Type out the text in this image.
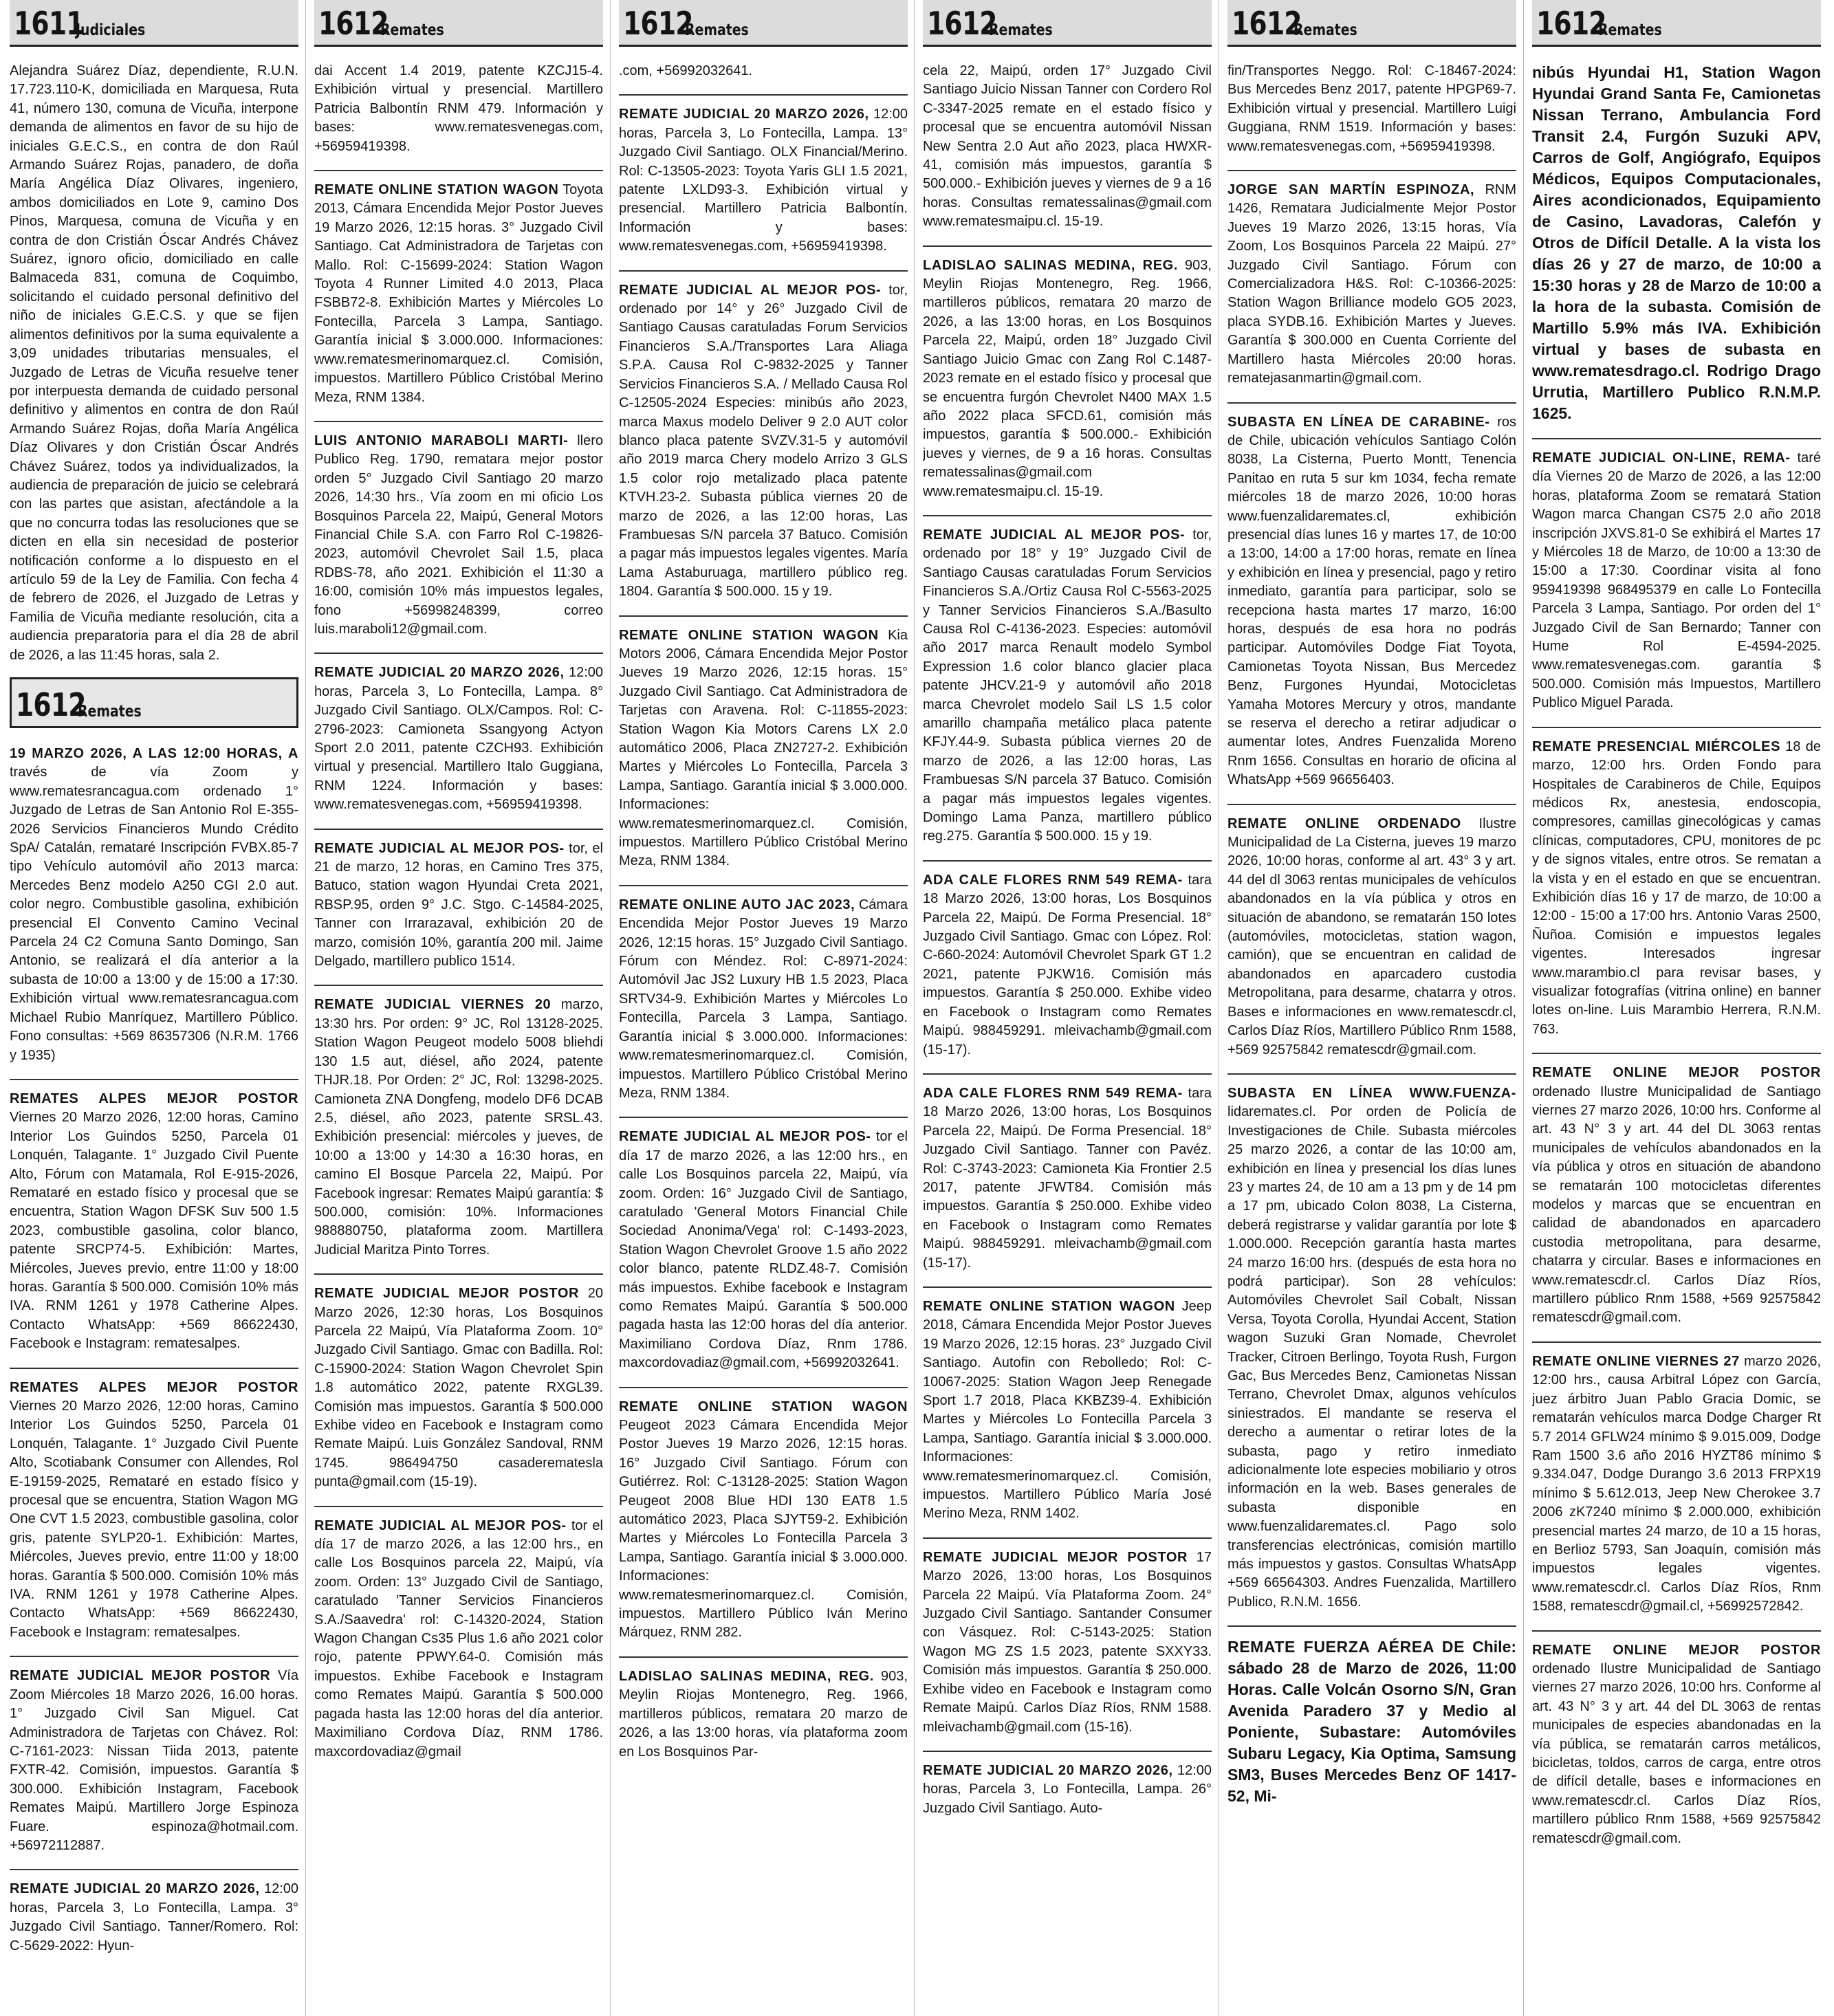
1611
Judiciales
Alejandra Suárez Díaz, dependiente, R.U.N. 17.723.110-K, domiciliada en Marquesa, Ruta 41, número 130, comuna de Vicuña, interpone demanda de alimentos en favor de su hijo de iniciales G.E.C.S., en contra de don Raúl Armando Suárez Rojas, panadero, de doña María Angélica Díaz Olivares, ingeniero, ambos domiciliados en Lote 9, camino Dos Pinos, Marquesa, comuna de Vicuña y en contra de don Cristián Óscar Andrés Chávez Suárez, ignoro oficio, domiciliado en calle Balmaceda 831, comuna de Coquimbo, solicitando el cuidado personal definitivo del niño de iniciales G.E.C.S. y que se fijen alimentos definitivos por la suma equivalente a 3,09 unidades tributarias mensuales, el Juzgado de Letras de Vicuña resuelve tener por interpuesta demanda de cuidado personal definitivo y alimentos en contra de don Raúl Armando Suárez Rojas, doña María Angélica Díaz Olivares y don Cristián Óscar Andrés Chávez Suárez, todos ya individualizados, la audiencia de preparación de juicio se celebrará con las partes que asistan, afectándole a la que no concurra todas las resoluciones que se dicten en ella sin necesidad de posterior notificación conforme a lo dispuesto en el artículo 59 de la Ley de Familia. Con fecha 4 de febrero de 2026, el Juzgado de Letras y Familia de Vicuña mediante resolución, cita a audiencia preparatoria para el día 28 de abril de 2026, a las 11:45 horas, sala 2.
1612
Remates
19 MARZO 2026, A LAS 12:00 HORAS, A través de vía Zoom y www.rematesrancagua.com ordenado 1° Juzgado de Letras de San Antonio Rol E-355-2026 Servicios Financieros Mundo Crédito SpA/ Catalán, remataré Inscripción FVBX.85-7 tipo Vehículo automóvil año 2013 marca: Mercedes Benz modelo A250 CGI 2.0 aut. color negro. Combustible gasolina, exhibición presencial El Convento Camino Vecinal Parcela 24 C2 Comuna Santo Domingo, San Antonio, se realizará el día anterior a la subasta de 10:00 a 13:00 y de 15:00 a 17:30. Exhibición virtual www.rematesrancagua.com Michael Rubio Manríquez, Martillero Público. Fono consultas: +569 86357306 (N.R.M. 1766 y 1935)
REMATES ALPES MEJOR POSTOR Viernes 20 Marzo 2026, 12:00 horas, Camino Interior Los Guindos 5250, Parcela 01 Lonquén, Talagante. 1° Juzgado Civil Puente Alto, Fórum con Matamala, Rol E-915-2026, Remataré en estado físico y procesal que se encuentra, Station Wagon DFSK Suv 500 1.5 2023, combustible gasolina, color blanco, patente SRCP74-5. Exhibición: Martes, Miércoles, Jueves previo, entre 11:00 y 18:00 horas. Garantía $ 500.000. Comisión 10% más IVA. RNM 1261 y 1978 Catherine Alpes. Contacto WhatsApp: +569 86622430, Facebook e Instagram: rematesalpes.
REMATES ALPES MEJOR POSTOR Viernes 20 Marzo 2026, 12:00 horas, Camino Interior Los Guindos 5250, Parcela 01 Lonquén, Talagante. 1° Juzgado Civil Puente Alto, Scotiabank Consumer con Allendes, Rol E-19159-2025, Remataré en estado físico y procesal que se encuentra, Station Wagon MG One CVT 1.5 2023, combustible gasolina, color gris, patente SYLP20-1. Exhibición: Martes, Miércoles, Jueves previo, entre 11:00 y 18:00 horas. Garantía $ 500.000. Comisión 10% más IVA. RNM 1261 y 1978 Catherine Alpes. Contacto WhatsApp: +569 86622430, Facebook e Instagram: rematesalpes.
REMATE JUDICIAL MEJOR POSTOR Vía Zoom Miércoles 18 Marzo 2026, 16.00 horas. 1° Juzgado Civil San Miguel. Cat Administradora de Tarjetas con Chávez. Rol: C-7161-2023: Nissan Tiida 2013, patente FXTR-42. Comisión, impuestos. Garantía $ 300.000. Exhibición Instagram, Facebook Remates Maipú. Martillero Jorge Espinoza Fuare. espinoza@hotmail.com. +56972112887.
REMATE JUDICIAL 20 MARZO 2026, 12:00 horas, Parcela 3, Lo Fontecilla, Lampa. 3° Juzgado Civil Santiago. Tanner/Romero. Rol: C-5629-2022: Hyun-
1612
Remates
dai Accent 1.4 2019, patente KZCJ15-4. Exhibición virtual y presencial. Martillero Patricia Balbontín RNM 479. Información y bases: www.rematesvenegas.com, +56959419398.
REMATE ONLINE STATION WAGON Toyota 2013, Cámara Encendida Mejor Postor Jueves 19 Marzo 2026, 12:15 horas. 3° Juzgado Civil Santiago. Cat Administradora de Tarjetas con Mallo. Rol: C-15699-2024: Station Wagon Toyota 4 Runner Limited 4.0 2013, Placa FSBB72-8. Exhibición Martes y Miércoles Lo Fontecilla, Parcela 3 Lampa, Santiago. Garantía inicial $ 3.000.000. Informaciones: www.rematesmerinomarquez.cl. Comisión, impuestos. Martillero Público Cristóbal Merino Meza, RNM 1384.
LUIS ANTONIO MARABOLI MARTI- llero Publico Reg. 1790, rematara mejor postor orden 5° Juzgado Civil Santiago 20 marzo 2026, 14:30 hrs., Vía zoom en mi oficio Los Bosquinos Parcela 22, Maipú, General Motors Financial Chile S.A. con Farro Rol C-19826-2023, automóvil Chevrolet Sail 1.5, placa RDBS-78, año 2021. Exhibición el 11:30 a 16:00, comisión 10% más impuestos legales, fono +56998248399, correo luis.maraboli12@gmail.com.
REMATE JUDICIAL 20 MARZO 2026, 12:00 horas, Parcela 3, Lo Fontecilla, Lampa. 8° Juzgado Civil Santiago. OLX/Campos. Rol: C-2796-2023: Camioneta Ssangyong Actyon Sport 2.0 2011, patente CZCH93. Exhibición virtual y presencial. Martillero Italo Guggiana, RNM 1224. Información y bases: www.rematesvenegas.com, +56959419398.
REMATE JUDICIAL AL MEJOR POS- tor, el 21 de marzo, 12 horas, en Camino Tres 375, Batuco, station wagon Hyundai Creta 2021, RBSP.95, orden 9° J.C. Stgo. C-14584-2025, Tanner con Irrarazaval, exhibición 20 de marzo, comisión 10%, garantía 200 mil. Jaime Delgado, martillero publico 1514.
REMATE JUDICIAL VIERNES 20 marzo, 13:30 hrs. Por orden: 9° JC, Rol 13128-2025. Station Wagon Peugeot modelo 5008 bliehdi 130 1.5 aut, diésel, año 2024, patente THJR.18. Por Orden: 2° JC, Rol: 13298-2025. Camioneta ZNA Dongfeng, modelo DF6 DCAB 2.5, diésel, año 2023, patente SRSL.43. Exhibición presencial: miércoles y jueves, de 10:00 a 13:00 y 14:30 a 16:30 horas, en camino El Bosque Parcela 22, Maipú. Por Facebook ingresar: Remates Maipú garantía: $ 500.000, comisión: 10%. Informaciones 988880750, plataforma zoom. Martillera Judicial Maritza Pinto Torres.
REMATE JUDICIAL MEJOR POSTOR 20 Marzo 2026, 12:30 horas, Los Bosquinos Parcela 22 Maipú, Vía Plataforma Zoom. 10° Juzgado Civil Santiago. Gmac con Badilla. Rol: C-15900-2024: Station Wagon Chevrolet Spin 1.8 automático 2022, patente RXGL39. Comisión mas impuestos. Garantía $ 500.000 Exhibe video en Facebook e Instagram como Remate Maipú. Luis González Sandoval, RNM 1745. 986494750 casaderematesla punta@gmail.com (15-19).
REMATE JUDICIAL AL MEJOR POS- tor el día 17 de marzo 2026, a las 12:00 hrs., en calle Los Bosquinos parcela 22, Maipú, vía zoom. Orden: 13° Juzgado Civil de Santiago, caratulado 'Tanner Servicios Financieros S.A./Saavedra' rol: C-14320-2024, Station Wagon Changan Cs35 Plus 1.6 año 2021 color rojo, patente PPWY.64-0. Comisión más impuestos. Exhibe Facebook e Instagram como Remates Maipú. Garantía $ 500.000 pagada hasta las 12:00 horas del día anterior. Maximiliano Cordova Díaz, RNM 1786. maxcordovadiaz@gmail
1612
Remates
.com, +56992032641.
REMATE JUDICIAL 20 MARZO 2026, 12:00 horas, Parcela 3, Lo Fontecilla, Lampa. 13° Juzgado Civil Santiago. OLX Financial/Merino. Rol: C-13505-2023: Toyota Yaris GLI 1.5 2021, patente LXLD93-3. Exhibición virtual y presencial. Martillero Patricia Balbontín. Información y bases: www.rematesvenegas.com, +56959419398.
REMATE JUDICIAL AL MEJOR POS- tor, ordenado por 14° y 26° Juzgado Civil de Santiago Causas caratuladas Forum Servicios Financieros S.A./Transportes Lara Aliaga S.P.A. Causa Rol C-9832-2025 y Tanner Servicios Financieros S.A. / Mellado Causa Rol C-12505-2024 Especies: minibús año 2023, marca Maxus modelo Deliver 9 2.0 AUT color blanco placa patente SVZV.31-5 y automóvil año 2019 marca Chery modelo Arrizo 3 GLS 1.5 color rojo metalizado placa patente KTVH.23-2. Subasta pública viernes 20 de marzo de 2026, a las 12:00 horas, Las Frambuesas S/N parcela 37 Batuco. Comisión a pagar más impuestos legales vigentes. María Lama Astaburuaga, martillero público reg. 1804. Garantía $ 500.000. 15 y 19.
REMATE ONLINE STATION WAGON Kia Motors 2006, Cámara Encendida Mejor Postor Jueves 19 Marzo 2026, 12:15 horas. 15° Juzgado Civil Santiago. Cat Administradora de Tarjetas con Aravena. Rol: C-11855-2023: Station Wagon Kia Motors Carens LX 2.0 automático 2006, Placa ZN2727-2. Exhibición Martes y Miércoles Lo Fontecilla, Parcela 3 Lampa, Santiago. Garantía inicial $ 3.000.000. Informaciones: www.rematesmerinomarquez.cl. Comisión, impuestos. Martillero Público Cristóbal Merino Meza, RNM 1384.
REMATE ONLINE AUTO JAC 2023, Cámara Encendida Mejor Postor Jueves 19 Marzo 2026, 12:15 horas. 15° Juzgado Civil Santiago. Fórum con Méndez. Rol: C-8971-2024: Automóvil Jac JS2 Luxury HB 1.5 2023, Placa SRTV34-9. Exhibición Martes y Miércoles Lo Fontecilla, Parcela 3 Lampa, Santiago. Garantía inicial $ 3.000.000. Informaciones: www.rematesmerinomarquez.cl. Comisión, impuestos. Martillero Público Cristóbal Merino Meza, RNM 1384.
REMATE JUDICIAL AL MEJOR POS- tor el día 17 de marzo 2026, a las 12:00 hrs., en calle Los Bosquinos parcela 22, Maipú, vía zoom. Orden: 16° Juzgado Civil de Santiago, caratulado 'General Motors Financial Chile Sociedad Anonima/Vega' rol: C-1493-2023, Station Wagon Chevrolet Groove 1.5 año 2022 color blanco, patente RLDZ.48-7. Comisión más impuestos. Exhibe facebook e Instagram como Remates Maipú. Garantía $ 500.000 pagada hasta las 12:00 horas del día anterior. Maximiliano Cordova Díaz, Rnm 1786. maxcordovadiaz@gmail.com, +56992032641.
REMATE ONLINE STATION WAGON Peugeot 2023 Cámara Encendida Mejor Postor Jueves 19 Marzo 2026, 12:15 horas. 16° Juzgado Civil Santiago. Fórum con Gutiérrez. Rol: C-13128-2025: Station Wagon Peugeot 2008 Blue HDI 130 EAT8 1.5 automático 2023, Placa SJYT59-2. Exhibición Martes y Miércoles Lo Fontecilla Parcela 3 Lampa, Santiago. Garantía inicial $ 3.000.000. Informaciones: www.rematesmerinomarquez.cl. Comisión, impuestos. Martillero Público Iván Merino Márquez, RNM 282.
LADISLAO SALINAS MEDINA, REG. 903, Meylin Riojas Montenegro, Reg. 1966, martilleros públicos, rematara 20 marzo de 2026, a las 13:00 horas, vía plataforma zoom en Los Bosquinos Par-
1612
Remates
cela 22, Maipú, orden 17° Juzgado Civil Santiago Juicio Nissan Tanner con Cordero Rol C-3347-2025 remate en el estado físico y procesal que se encuentra automóvil Nissan New Sentra 2.0 Aut año 2023, placa HWXR-41, comisión más impuestos, garantía $ 500.000.- Exhibición jueves y viernes de 9 a 16 horas. Consultas rematessalinas@gmail.com www.rematesmaipu.cl. 15-19.
LADISLAO SALINAS MEDINA, REG. 903, Meylin Riojas Montenegro, Reg. 1966, martilleros públicos, rematara 20 marzo de 2026, a las 13:00 horas, en Los Bosquinos Parcela 22, Maipú, orden 18° Juzgado Civil Santiago Juicio Gmac con Zang Rol C.1487-2023 remate en el estado físico y procesal que se encuentra furgón Chevrolet N400 MAX 1.5 año 2022 placa SFCD.61, comisión más impuestos, garantía $ 500.000.- Exhibición jueves y viernes, de 9 a 16 horas. Consultas rematessalinas@gmail.com www.rematesmaipu.cl. 15-19.
REMATE JUDICIAL AL MEJOR POS- tor, ordenado por 18° y 19° Juzgado Civil de Santiago Causas caratuladas Forum Servicios Financieros S.A./Ortiz Causa Rol C-5563-2025 y Tanner Servicios Financieros S.A./Basulto Causa Rol C-4136-2023. Especies: automóvil año 2017 marca Renault modelo Symbol Expression 1.6 color blanco glacier placa patente JHCV.21-9 y automóvil año 2018 marca Chevrolet modelo Sail LS 1.5 color amarillo champaña metálico placa patente KFJY.44-9. Subasta pública viernes 20 de marzo de 2026, a las 12:00 horas, Las Frambuesas S/N parcela 37 Batuco. Comisión a pagar más impuestos legales vigentes. Domingo Lama Panza, martillero público reg.275. Garantía $ 500.000. 15 y 19.
ADA CALE FLORES RNM 549 REMA- tara 18 Marzo 2026, 13:00 horas, Los Bosquinos Parcela 22, Maipú. De Forma Presencial. 18° Juzgado Civil Santiago. Gmac con López. Rol: C-660-2024: Automóvil Chevrolet Spark GT 1.2 2021, patente PJKW16. Comisión más impuestos. Garantía $ 250.000. Exhibe video en Facebook o Instagram como Remates Maipú. 988459291. mleivachamb@gmail.com (15-17).
ADA CALE FLORES RNM 549 REMA- tara 18 Marzo 2026, 13:00 horas, Los Bosquinos Parcela 22, Maipú. De Forma Presencial. 18° Juzgado Civil Santiago. Tanner con Pavéz. Rol: C-3743-2023: Camioneta Kia Frontier 2.5 2017, patente JFWT84. Comisión más impuestos. Garantía $ 250.000. Exhibe video en Facebook o Instagram como Remates Maipú. 988459291. mleivachamb@gmail.com (15-17).
REMATE ONLINE STATION WAGON Jeep 2018, Cámara Encendida Mejor Postor Jueves 19 Marzo 2026, 12:15 horas. 23° Juzgado Civil Santiago. Autofin con Rebolledo; Rol: C-10067-2025: Station Wagon Jeep Renegade Sport 1.7 2018, Placa KKBZ39-4. Exhibición Martes y Miércoles Lo Fontecilla Parcela 3 Lampa, Santiago. Garantía inicial $ 3.000.000. Informaciones: www.rematesmerinomarquez.cl. Comisión, impuestos. Martillero Público María José Merino Meza, RNM 1402.
REMATE JUDICIAL MEJOR POSTOR 17 Marzo 2026, 13:00 horas, Los Bosquinos Parcela 22 Maipú. Vía Plataforma Zoom. 24° Juzgado Civil Santiago. Santander Consumer con Vásquez. Rol: C-5143-2025: Station Wagon MG ZS 1.5 2023, patente SXXY33. Comisión más impuestos. Garantía $ 250.000. Exhibe video en Facebook e Instagram como Remate Maipú. Carlos Díaz Ríos, RNM 1588. mleivachamb@gmail.com (15-16).
REMATE JUDICIAL 20 MARZO 2026, 12:00 horas, Parcela 3, Lo Fontecilla, Lampa. 26° Juzgado Civil Santiago. Auto-
1612
Remates
fin/Transportes Neggo. Rol: C-18467-2024: Bus Mercedes Benz 2017, patente HPGP69-7. Exhibición virtual y presencial. Martillero Luigi Guggiana, RNM 1519. Información y bases: www.rematesvenegas.com, +56959419398.
JORGE SAN MARTÍN ESPINOZA, RNM 1426, Rematara Judicialmente Mejor Postor Jueves 19 Marzo 2026, 13:15 horas, Vía Zoom, Los Bosquinos Parcela 22 Maipú. 27° Juzgado Civil Santiago. Fórum con Comercializadora H&S. Rol: C-10366-2025: Station Wagon Brilliance modelo GO5 2023, placa SYDB.16. Exhibición Martes y Jueves. Garantía $ 300.000 en Cuenta Corriente del Martillero hasta Miércoles 20:00 horas. rematejasanmartin@gmail.com.
SUBASTA EN LÍNEA DE CARABINE- ros de Chile, ubicación vehículos Santiago Colón 8038, La Cisterna, Puerto Montt, Tenencia Panitao en ruta 5 sur km 1034, fecha remate miércoles 18 de marzo 2026, 10:00 horas www.fuenzalidaremates.cl, exhibición presencial días lunes 16 y martes 17, de 10:00 a 13:00, 14:00 a 17:00 horas, remate en línea y exhibición en línea y presencial, pago y retiro inmediato, garantía para participar, solo se recepciona hasta martes 17 marzo, 16:00 horas, después de esa hora no podrás participar. Automóviles Dodge Fiat Toyota, Camionetas Toyota Nissan, Bus Mercedez Benz, Furgones Hyundai, Motocicletas Yamaha Motores Mercury y otros, mandante se reserva el derecho a retirar adjudicar o aumentar lotes, Andres Fuenzalida Moreno Rnm 1656. Consultas en horario de oficina al WhatsApp +569 96656403.
REMATE ONLINE ORDENADO Ilustre Municipalidad de La Cisterna, jueves 19 marzo 2026, 10:00 horas, conforme al art. 43° 3 y art. 44 del dl 3063 rentas municipales de vehículos abandonados en la vía pública y otros en situación de abandono, se rematarán 150 lotes (automóviles, motocicletas, station wagon, camión), que se encuentran en calidad de abandonados en aparcadero custodia Metropolitana, para desarme, chatarra y otros. Bases e informaciones en www.rematescdr.cl, Carlos Díaz Ríos, Martillero Público Rnm 1588, +569 92575842 rematescdr@gmail.com.
SUBASTA EN LÍNEA WWW.FUENZA- lidaremates.cl. Por orden de Policía de Investigaciones de Chile. Subasta miércoles 25 marzo 2026, a contar de las 10:00 am, exhibición en línea y presencial los días lunes 23 y martes 24, de 10 am a 13 pm y de 14 pm a 17 pm, ubicado Colon 8038, La Cisterna, deberá registrarse y validar garantía por lote $ 1.000.000. Recepción garantía hasta martes 24 marzo 16:00 hrs. (después de esta hora no podrá participar). Son 28 vehículos: Automóviles Chevrolet Sail Cobalt, Nissan Versa, Toyota Corolla, Hyundai Accent, Station wagon Suzuki Gran Nomade, Chevrolet Tracker, Citroen Berlingo, Toyota Rush, Furgon Gac, Bus Mercedes Benz, Camionetas Nissan Terrano, Chevrolet Dmax, algunos vehículos siniestrados. El mandante se reserva el derecho a aumentar o retirar lotes de la subasta, pago y retiro inmediato adicionalmente lote especies mobiliario y otros información en la web. Bases generales de subasta disponible en www.fuenzalidaremates.cl. Pago solo transferencias electrónicas, comisión martillo más impuestos y gastos. Consultas WhatsApp +569 66564303. Andres Fuenzalida, Martillero Publico, R.N.M. 1656.
REMATE FUERZA AÉREA DE Chile: sábado 28 de Marzo de 2026, 11:00 Horas. Calle Volcán Osorno S/N, Gran Avenida Paradero 37 y Medio al Poniente, Subastare: Automóviles Subaru Legacy, Kia Optima, Samsung SM3, Buses Mercedes Benz OF 1417-52, Mi-
1612
Remates
nibús Hyundai H1, Station Wagon Hyundai Grand Santa Fe, Camionetas Nissan Terrano, Ambulancia Ford Transit 2.4, Furgón Suzuki APV, Carros de Golf, Angiógrafo, Equipos Médicos, Equipos Computacionales, Aires acondicionados, Equipamiento de Casino, Lavadoras, Calefón y Otros de Difícil Detalle. A la vista los días 26 y 27 de marzo, de 10:00 a 15:30 horas y 28 de Marzo de 10:00 a la hora de la subasta. Comisión de Martillo 5.9% más IVA. Exhibición virtual y bases de subasta en www.rematesdrago.cl. Rodrigo Drago Urrutia, Martillero Publico R.N.M.P. 1625.
REMATE JUDICIAL ON-LINE, REMA- taré día Viernes 20 de Marzo de 2026, a las 12:00 horas, plataforma Zoom se rematará Station Wagon marca Changan CS75 2.0 año 2018 inscripción JXVS.81-0 Se exhibirá el Martes 17 y Miércoles 18 de Marzo, de 10:00 a 13:30 de 15:00 a 17:30. Coordinar visita al fono 959419398 968495379 en calle Lo Fontecilla Parcela 3 Lampa, Santiago. Por orden del 1° Juzgado Civil de San Bernardo; Tanner con Hume Rol E-4594-2025. www.rematesvenegas.com. garantía $ 500.000. Comisión más Impuestos, Martillero Publico Miguel Parada.
REMATE PRESENCIAL MIÉRCOLES 18 de marzo, 12:00 hrs. Orden Fondo para Hospitales de Carabineros de Chile, Equipos médicos Rx, anestesia, endoscopia, compresores, camillas ginecológicas y camas clínicas, computadores, CPU, monitores de pc y de signos vitales, entre otros. Se rematan a la vista y en el estado en que se encuentran. Exhibición días 16 y 17 de marzo, de 10:00 a 12:00 - 15:00 a 17:00 hrs. Antonio Varas 2500, Ñuñoa. Comisión e impuestos legales vigentes. Interesados ingresar www.marambio.cl para revisar bases, y visualizar fotografías (vitrina online) en banner lotes on-line. Luis Marambio Herrera, R.N.M. 763.
REMATE ONLINE MEJOR POSTOR ordenado Ilustre Municipalidad de Santiago viernes 27 marzo 2026, 10:00 hrs. Conforme al art. 43 N° 3 y art. 44 del DL 3063 rentas municipales de vehículos abandonados en la vía pública y otros en situación de abandono se rematarán 100 motocicletas diferentes modelos y marcas que se encuentran en calidad de abandonados en aparcadero custodia metropolitana, para desarme, chatarra y circular. Bases e informaciones en www.rematescdr.cl. Carlos Díaz Ríos, martillero público Rnm 1588, +569 92575842 rematescdr@gmail.com.
REMATE ONLINE VIERNES 27 marzo 2026, 12:00 hrs., causa Arbitral López con García, juez árbitro Juan Pablo Gracia Domic, se rematarán vehículos marca Dodge Charger Rt 5.7 2014 GFLW24 mínimo $ 9.015.009, Dodge Ram 1500 3.6 año 2016 HYZT86 mínimo $ 9.334.047, Dodge Durango 3.6 2013 FRPX19 mínimo $ 5.612.013, Jeep New Cherokee 3.7 2006 zK7240 mínimo $ 2.000.000, exhibición presencial martes 24 marzo, de 10 a 15 horas, en Berlioz 5793, San Joaquín, comisión más impuestos legales vigentes. www.rematescdr.cl. Carlos Díaz Ríos, Rnm 1588, rematescdr@gmail.cl, +56992572842.
REMATE ONLINE MEJOR POSTOR ordenado Ilustre Municipalidad de Santiago viernes 27 marzo 2026, 10:00 hrs. Conforme al art. 43 N° 3 y art. 44 del DL 3063 de rentas municipales de especies abandonadas en la vía pública, se rematarán carros metálicos, bicicletas, toldos, carros de carga, entre otros de difícil detalle, bases e informaciones en www.rematescdr.cl. Carlos Díaz Ríos, martillero público Rnm 1588, +569 92575842 rematescdr@gmail.com.
